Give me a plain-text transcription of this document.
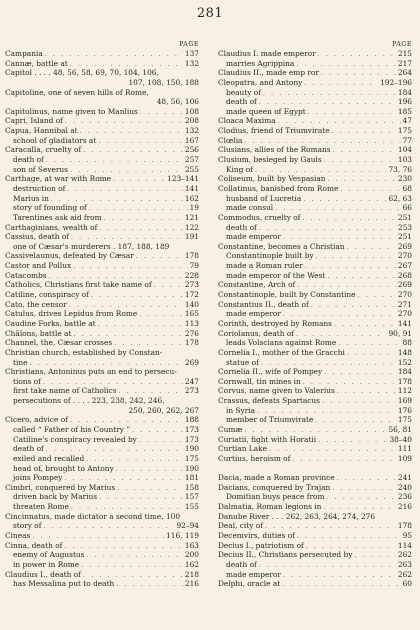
281
PAGE
Campania . . .	137
Cannæ, battle at . . .	132
Capitol . . . . 48, 56, 58, 69, 70, 104, 106,
107, 108, 150, 188
Capitoline, one of seven hills of Rome,
48, 56, 106
Capitolinus, name given to Manlius . . .	108
Capri, Island of . . .	208
Capua, Hannibal at . . .	132
school of gladiators at . . .	167
Caracalla, cruelty of . . .	256
death of . . .	257
son of Severus . . .	255
Carthage, at war with Rome . . .	123–141
destruction of . . .	141
Marius in . . .	162
story of founding of . . .	19
Tarentines ask aid from . . .	121
Carthaginians, wealth of . . .	122
Cassius, death of . . .	191
one of Cæsar's murderers . 187, 188, 189
Cassivelaunus, defeated by Cæsar . . .	178
Castor and Pollux . . .	79
Catacombs . . .	228
Catholics, Christians first take name of . . .	273
Catiline, conspiracy of . . .	172
Cato, the censor . . .	140
Catulus, drives Lepidus from Rome . . .	165
Caudine Forks, battle at . . .	113
Châlons, battle at . . .	276
Channel, the, Cæsar crosses . . .	178
Christian church, established by Constan-
tine . . .	269
Christians, Antoninus puts an end to persecu-
tions of . . .	247
first take name of Catholics . . .	273
persecutions of . . . . 223, 238, 242, 246,
250, 260, 262, 267
Cicero, advice of . . .	188
called “ Father of his Country ” . . .	173
Catiline's conspiracy revealed by . . .	173
death of . . .	190
exiled and recalled . . .	175
head of, brought to Antony . . .	190
joins Pompey . . .	181
Cimbri, conquered by Marius . . .	158
driven back by Marius . . .	157
threaten Rome . . .	155
Cincinnatus, made dictator a second time, 100
story of . . .	92–94
Cineas . . .	116, 119
Cinna, death of . . .	163
enemy of Augustus . . .	200
in power in Rome . . .	162
Claudius I., death of . . .	218
has Messalina put to death . . .	216
PAGE
Claudius I. made emperor . . .	215
marries Agrippina . . .	217
Claudius II., made emp ror . . .	264
Cleopatra, and Antony . . .	192–196
beauty of . . .	184
death of . . .	196
made queen of Egypt . . .	185
Cloaca Maxima . . .	47
Clodius, friend of Triumvirate . . .	175
Clœlia . . .	77
Clusians, allies of the Romans . . .	104
Clusium, besieged by Gauls . . .	103
King of . . .	73, 76
Coliseum, built by Vespasian . . .	230
Collatinus, banished from Rome . . .	68
husband of Lucretia . . .	62, 63
made consul . . .	66
Commodus, cruelty of . . .	251
death of . . .	253
made emperor . . .	251
Constantine, becomes a Christian . . .	269
Constantinople built by . . .	270
made a Roman ruler . . .	267
made emperor of the West . . .	268
Constantine, Arch of . . .	269
Constantinople, built by Constantine . . .	270
Constantius II., death of . . .	271
made emperor . . .	270
Corinth, destroyed by Romans . . .	141
Coriolanus, death of . . .	90, 91
leads Volscians against Rome . . .	88
Cornelia I., mother of the Gracchi . . .	148
statue of . . .	152
Cornelia II., wife of Pompey . . .	184
Cornwall, tin mines in . . .	178
Corvus, name given to Valerius . . .	112
Crassus, defeats Spartacus . . .	169
in Syria . . .	176
member of Triumvirate . . .	175
Cumæ . . .	56, 81
Curiatii, fight with Horatii . . .	38–40
Curtian Lake . . .	111
Curtius, heroism of . . .	109
Dacia, made a Roman province . . .	241
Dacians, conquered by Trajan . . .	240
Domitian buys peace from . . .	236
Dalmatia, Roman legions in . . .	216
Danube River . . . 262, 263, 264, 274, 276
Deal, city of . . .	178
Decemvirs, duties of . . .	95
Decius I., patriotism of . . .	114
Decius II., Christians persecuted by . . .	262
death of . . .	263
made emperor . . .	262
Delphi, oracle at . . .	60
